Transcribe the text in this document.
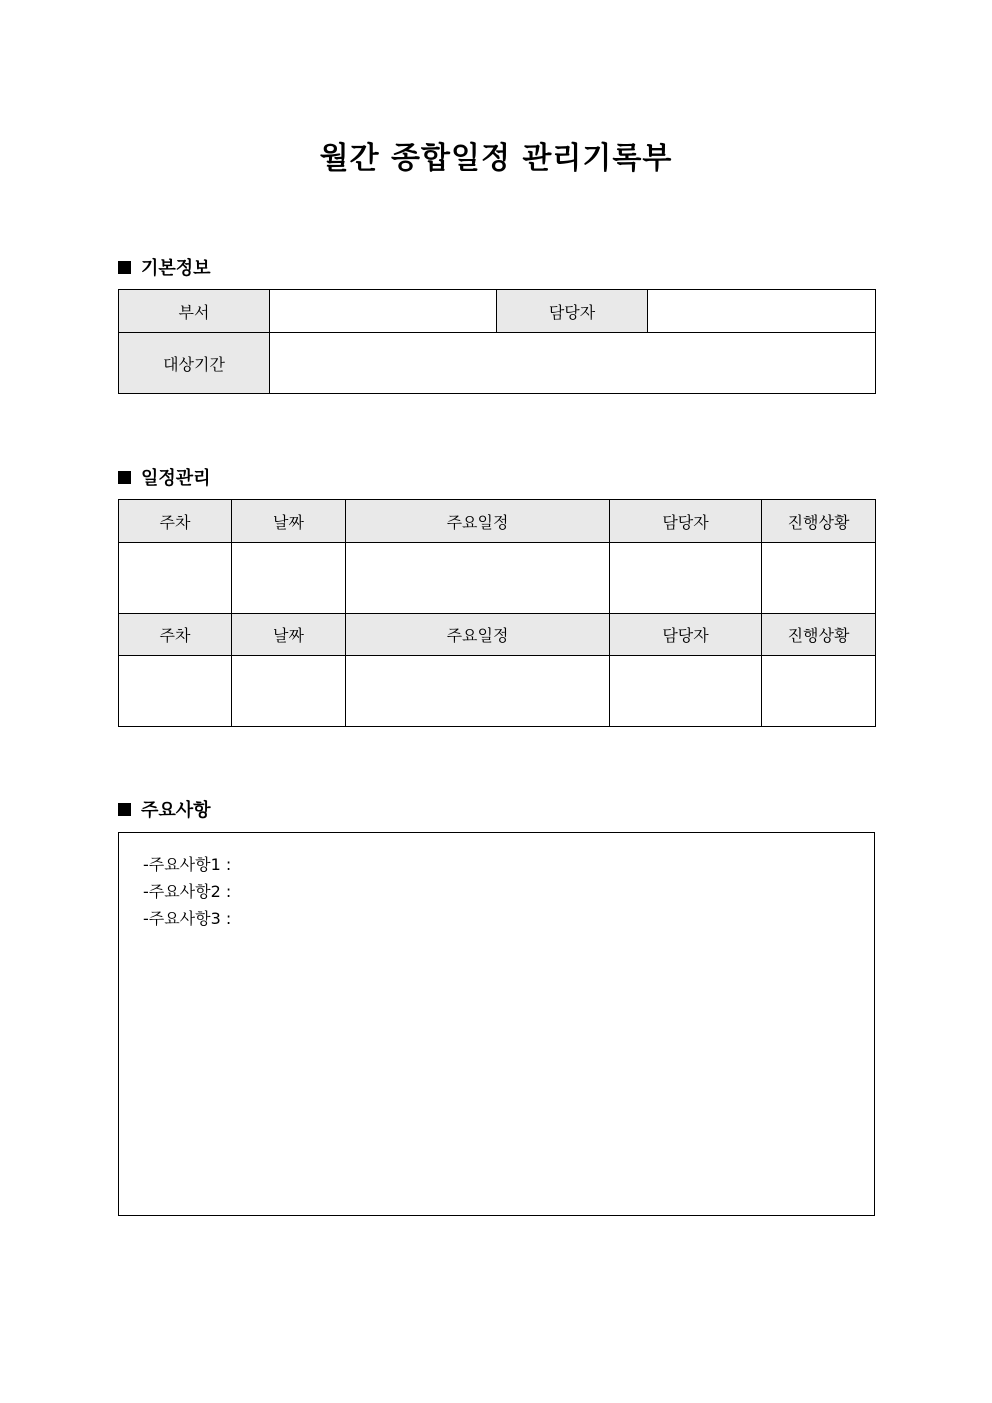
월간 종합일정 관리기록부
기본정보
부서		담당자	
대상기간			
일정관리
주차	날짜	주요일정	담당자	진행상황

주차	날짜	주요일정	담당자	진행상황

주요사항
-주요사항1 :
-주요사항2 :
-주요사항3 :
